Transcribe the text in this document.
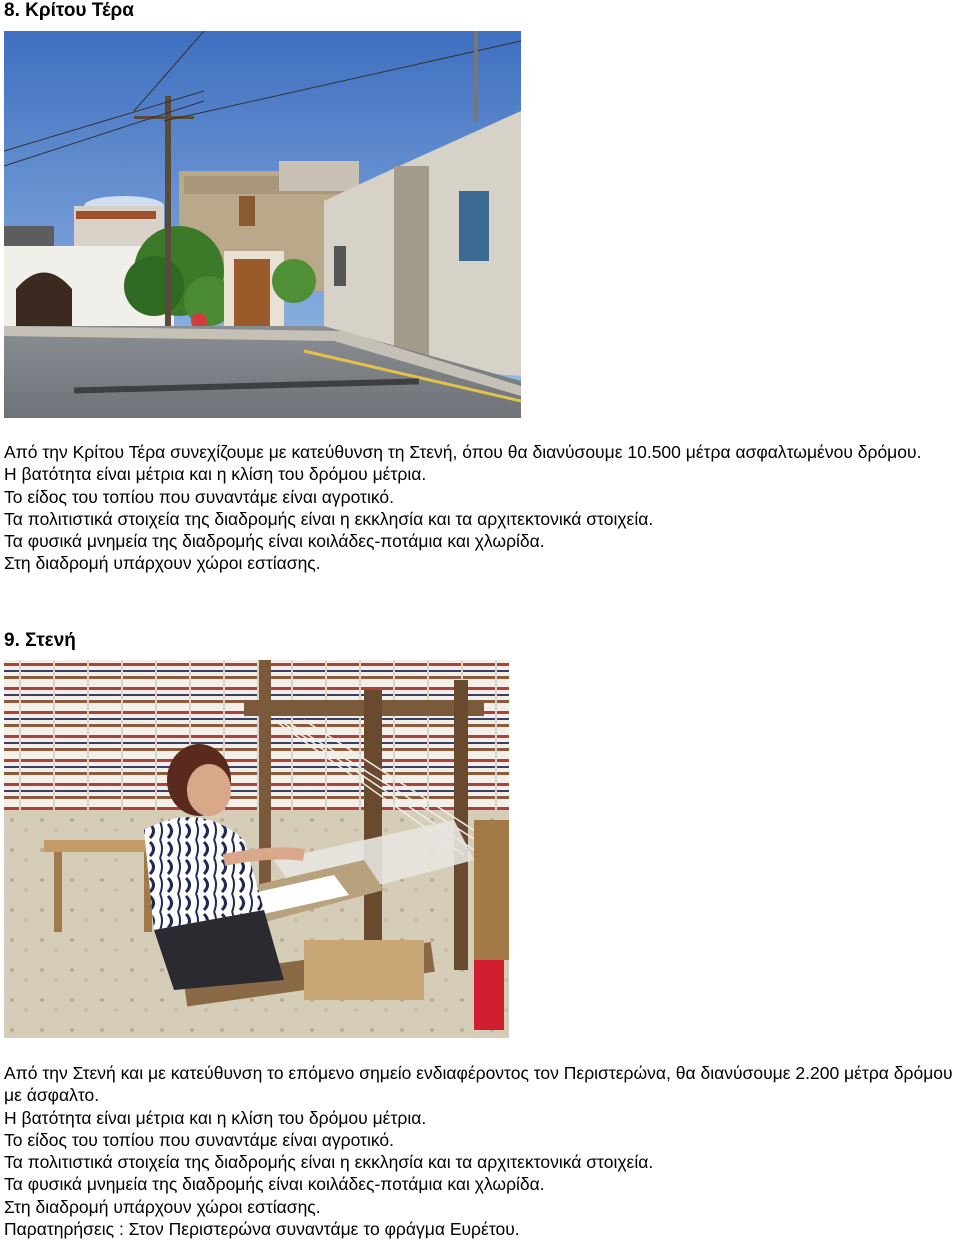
8. Κρίτου Τέρα

Από την Κρίτου Τέρα συνεχίζουμε με κατεύθυνση τη Στενή, όπου θα διανύσουμε 10.500 μέτρα ασφαλτωμένου δρόμου.

Η βατότητα είναι μέτρια και η κλίση του δρόμου μέτρια.

Το είδος του τοπίου που συναντάμε είναι αγροτικό.

Τα πολιτιστικά στοιχεία της διαδρομής είναι η εκκλησία και τα αρχιτεκτονικά στοιχεία.

Τα φυσικά μνημεία της διαδρομής είναι κοιλάδες-ποτάμια και χλωρίδα.

Στη διαδρομή υπάρχουν χώροι εστίασης.

9. Στενή

Από την Στενή και με κατεύθυνση το επόμενο σημείο ενδιαφέροντος τον Περιστερώνα, θα διανύσουμε 2.200 μέτρα δρόμου με άσφαλτο.

Η βατότητα είναι μέτρια και η κλίση του δρόμου μέτρια.

Το είδος του τοπίου που συναντάμε είναι αγροτικό.

Τα πολιτιστικά στοιχεία της διαδρομής είναι η εκκλησία και τα αρχιτεκτονικά στοιχεία.

Τα φυσικά μνημεία της διαδρομής είναι κοιλάδες-ποτάμια και χλωρίδα.

Στη διαδρομή υπάρχουν χώροι εστίασης.

Παρατηρήσεις : Στον Περιστερώνα συναντάμε το φράγμα Ευρέτου.
